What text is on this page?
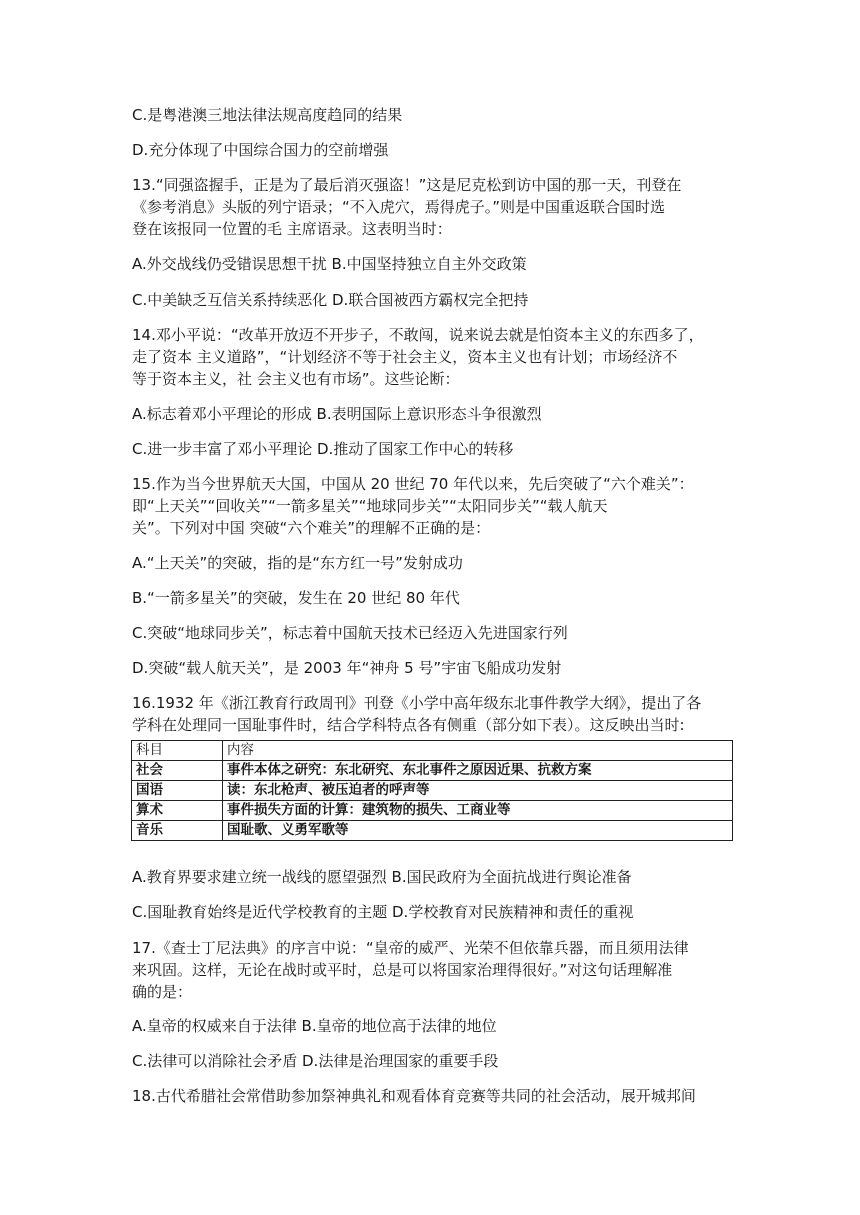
C.是粤港澳三地法律法规高度趋同的结果
D.充分体现了中国综合国力的空前增强
13.“同强盗握手，正是为了最后消灭强盗！”这是尼克松到访中国的那一天，刊登在
《参考消息》头版的列宁语录；“不入虎穴，焉得虎子。”则是中国重返联合国时选
登在该报同一位置的毛 主席语录。这表明当时：
A.外交战线仍受错误思想干扰 B.中国坚持独立自主外交政策
C.中美缺乏互信关系持续恶化 D.联合国被西方霸权完全把持
14.邓小平说：“改革开放迈不开步子，不敢闯，说来说去就是怕资本主义的东西多了，
走了资本 主义道路”，“计划经济不等于社会主义，资本主义也有计划；市场经济不
等于资本主义，社 会主义也有市场”。这些论断：
A.标志着邓小平理论的形成 B.表明国际上意识形态斗争很激烈
C.进一步丰富了邓小平理论 D.推动了国家工作中心的转移
15.作为当今世界航天大国，中国从 20 世纪 70 年代以来，先后突破了“六个难关”：
即“上天关”“回收关”“一箭多星关”“地球同步关”“太阳同步关”“载人航天
关”。下列对中国 突破“六个难关”的理解不正确的是：
A.“上天关”的突破，指的是“东方红一号”发射成功
B.“一箭多星关”的突破，发生在 20 世纪 80 年代
C.突破“地球同步关”，标志着中国航天技术已经迈入先进国家行列
D.突破“载人航天关”，是 2003 年“神舟 5 号”宇宙飞船成功发射
16.1932 年《浙江教育行政周刊》刊登《小学中高年级东北事件教学大纲》，提出了各
学科在处理同一国耻事件时，结合学科特点各有侧重（部分如下表）。这反映出当时:
科目	内容
社会	事件本体之研究：东北研究、东北事件之原因近果、抗救方案
国语	读：东北枪声、被压迫者的呼声等
算术	事件损失方面的计算：建筑物的损失、工商业等
音乐	国耻歌、义勇军歌等
A.教育界要求建立统一战线的愿望强烈 B.国民政府为全面抗战进行舆论准备
C.国耻教育始终是近代学校教育的主题 D.学校教育对民族精神和责任的重视
17.《查士丁尼法典》的序言中说：“皇帝的威严、光荣不但依靠兵器，而且须用法律
来巩固。这样，无论在战时或平时，总是可以将国家治理得很好。”对这句话理解准
确的是：
A.皇帝的权威来自于法律 B.皇帝的地位高于法律的地位
C.法律可以消除社会矛盾 D.法律是治理国家的重要手段
18.古代希腊社会常借助参加祭神典礼和观看体育竞赛等共同的社会活动，展开城邦间
